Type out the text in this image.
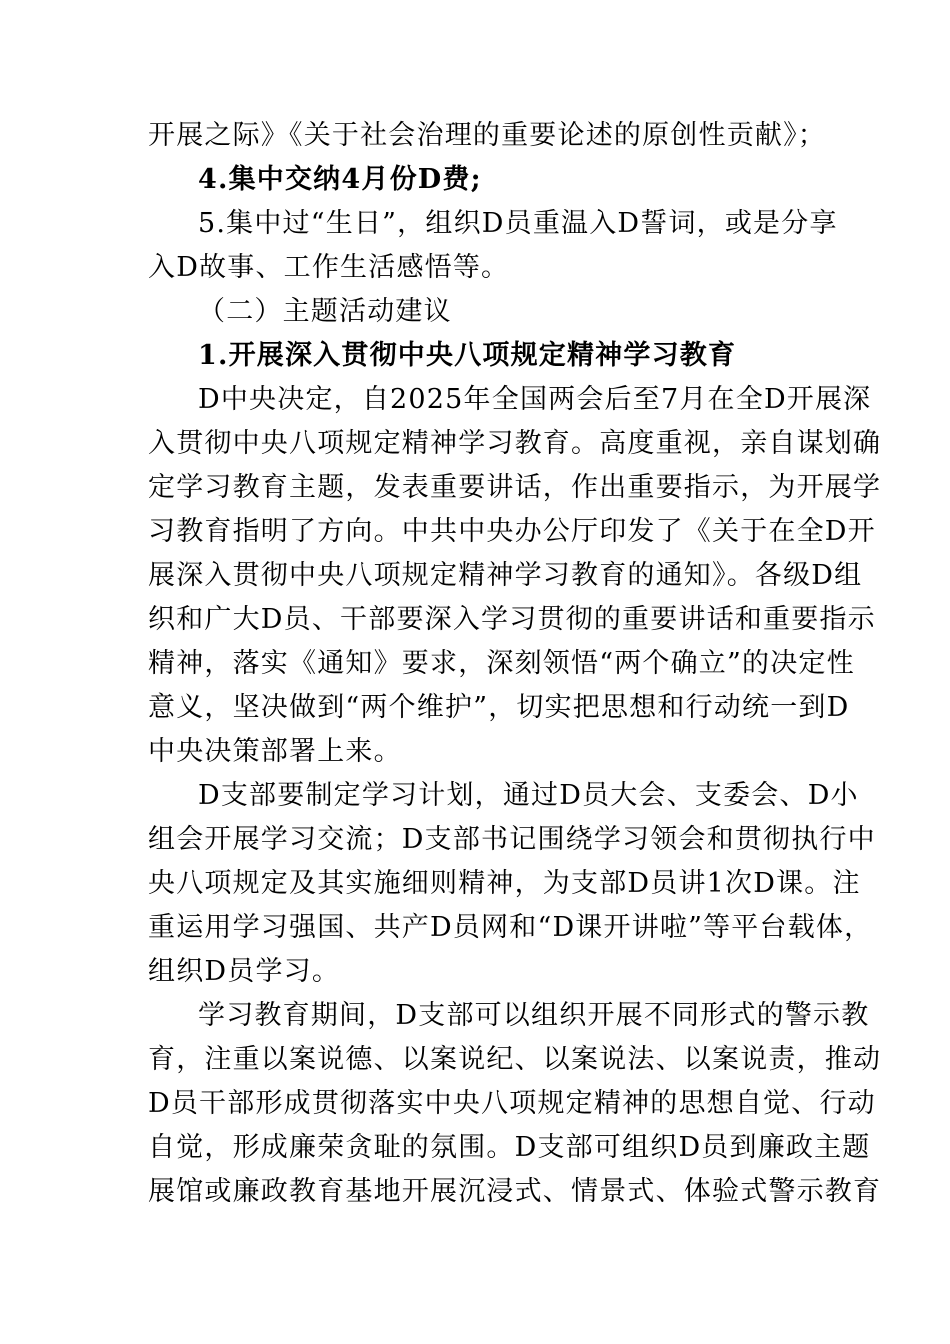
开展之际》《关于社会治理的重要论述的原创性贡献》；
4.集中交纳4月份D费;
5.集中过“生日”，组织D员重温入D誓词，或是分享
入D故事、工作生活感悟等。
（二）主题活动建议
1.开展深入贯彻中央八项规定精神学习教育
D中央决定，自2025年全国两会后至7月在全D开展深
入贯彻中央八项规定精神学习教育。高度重视，亲自谋划确
定学习教育主题，发表重要讲话，作出重要指示，为开展学
习教育指明了方向。中共中央办公厅印发了《关于在全D开
展深入贯彻中央八项规定精神学习教育的通知》。各级D组
织和广大D员、干部要深入学习贯彻的重要讲话和重要指示
精神，落实《通知》要求，深刻领悟“两个确立”的决定性
意义，坚决做到“两个维护”，切实把思想和行动统一到D
中央决策部署上来。
D支部要制定学习计划，通过D员大会、支委会、D小
组会开展学习交流；D支部书记围绕学习领会和贯彻执行中
央八项规定及其实施细则精神，为支部D员讲1次D课。注
重运用学习强国、共产D员网和“D课开讲啦”等平台载体，
组织D员学习。
学习教育期间，D支部可以组织开展不同形式的警示教
育，注重以案说德、以案说纪、以案说法、以案说责，推动
D员干部形成贯彻落实中央八项规定精神的思想自觉、行动
自觉，形成廉荣贪耻的氛围。D支部可组织D员到廉政主题
展馆或廉政教育基地开展沉浸式、情景式、体验式警示教育
